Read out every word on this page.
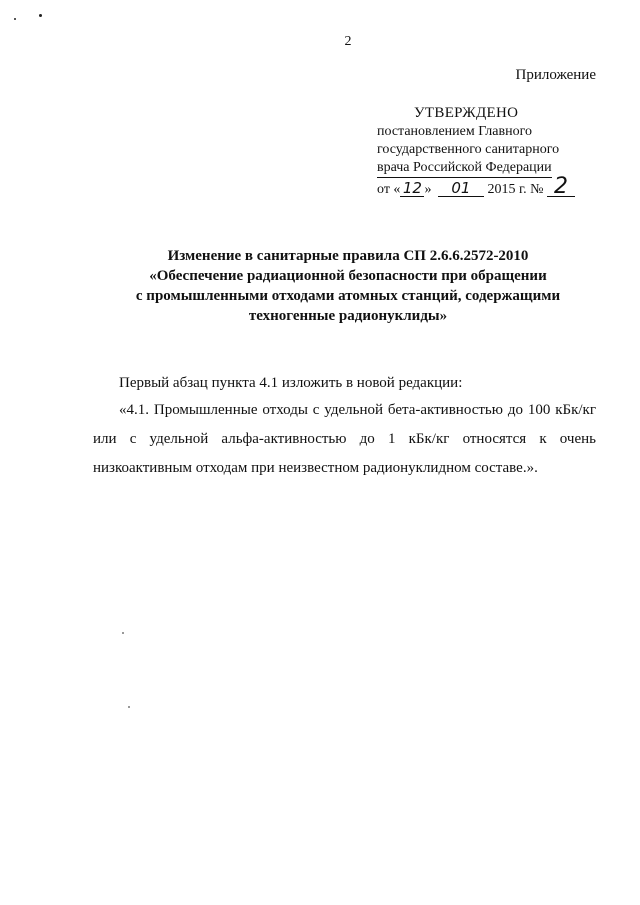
2
Приложение
УТВЕРЖДЕНО
постановлением Главного
государственного санитарного
врача Российской Федерации
от « 12 » 01 2015 г. № 2
Изменение в санитарные правила СП 2.6.6.2572-2010
«Обеспечение радиационной безопасности при обращении
с промышленными отходами атомных станций, содержащими
техногенные радионуклиды»
Первый абзац пункта 4.1 изложить в новой редакции:
«4.1. Промышленные отходы с удельной бета-активностью до 100 кБк/кг или с удельной альфа-активностью до 1 кБк/кг относятся к очень низкоактивным отходам при неизвестном радионуклидном составе.».
